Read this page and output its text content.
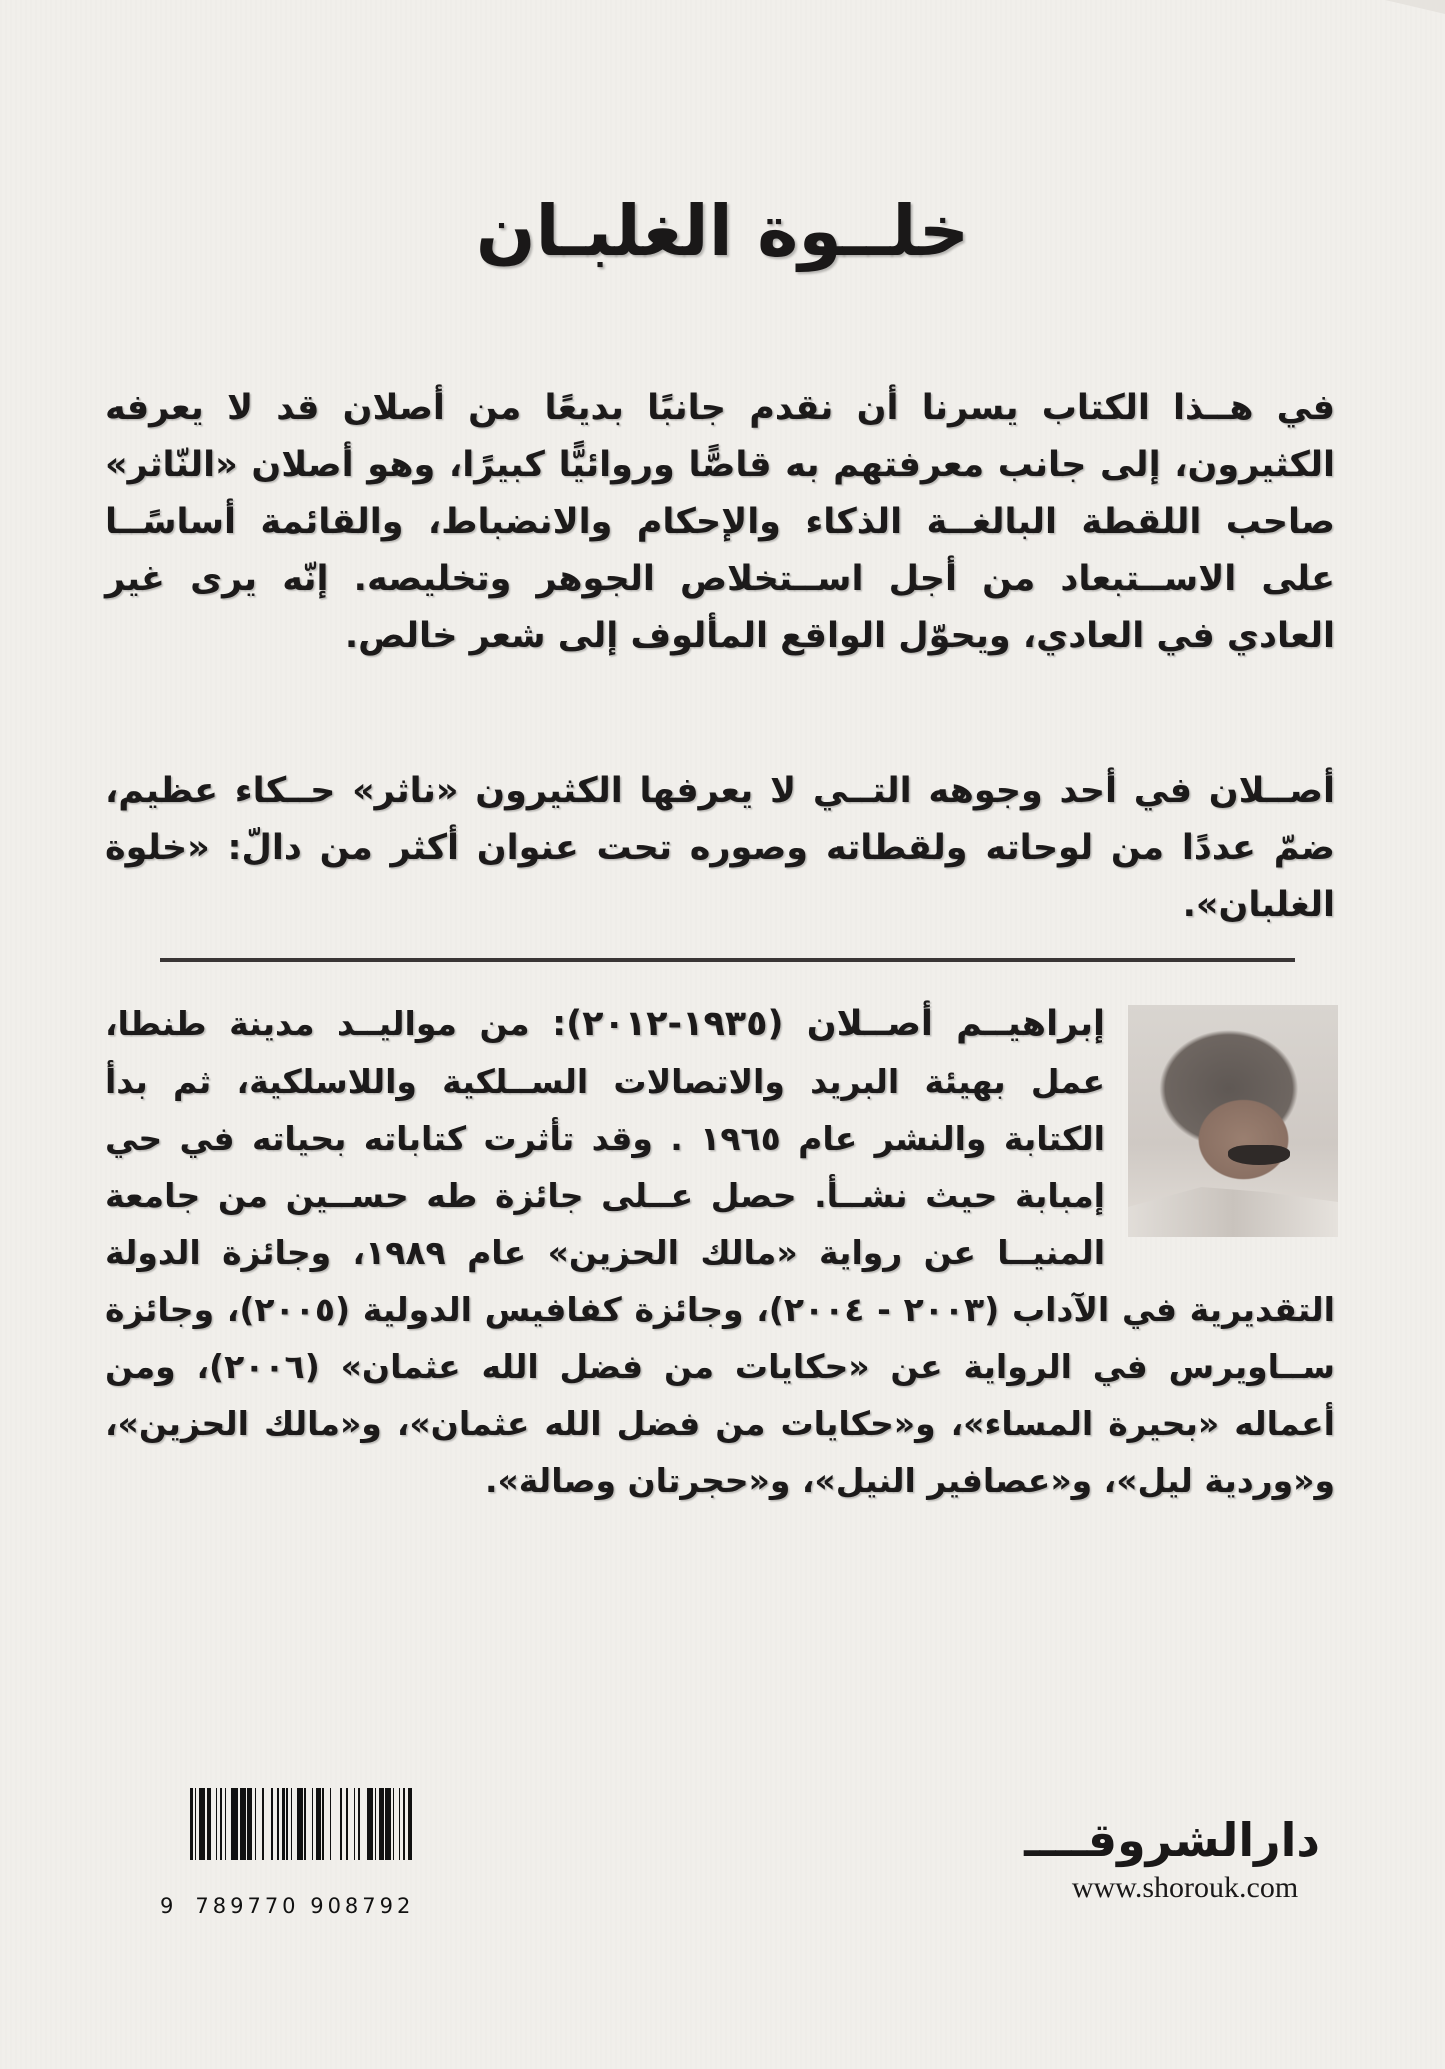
خلــوة الغلبـان
في هــذا الكتاب يسرنا أن نقدم جانبًا بديعًا من أصلان قد لا يعرفه الكثيرون، إلى جانب معرفتهم به قاصًّا وروائيًّا كبيرًا، وهو أصلان «النّاثر» صاحب اللقطة البالغــة الذكاء والإحكام والانضباط، والقائمة أساسًــا على الاســتبعاد من أجل اســتخلاص الجوهر وتخليصه. إنّه يرى غير العادي في العادي، ويحوّل الواقع المألوف إلى شعر خالص.
أصــلان في أحد وجوهه التــي لا يعرفها الكثيرون «ناثر» حــكاء عظيم، ضمّ عددًا من لوحاته ولقطاته وصوره تحت عنوان أكثر من دالّ: «خلوة الغلبان».
إبراهيــم أصــلان (١٩٣٥-٢٠١٢): من مواليــد مدينة طنطا، عمل بهيئة البريد والاتصالات الســلكية واللاسلكية، ثم بدأ الكتابة والنشر عام ١٩٦٥ . وقد تأثرت كتاباته بحياته في حي إمبابة حيث نشــأ. حصل عــلى جائزة طه حســين من جامعة المنيــا عن رواية «مالك الحزين» عام ١٩٨٩، وجائزة الدولة التقديرية في الآداب (٢٠٠٣ - ٢٠٠٤)، وجائزة كفافيس الدولية (٢٠٠٥)، وجائزة ســاويرس في الرواية عن «حكايات من فضل الله عثمان» (٢٠٠٦)، ومن أعماله «بحيرة المساء»، و«حكايات من فضل الله عثمان»، و«مالك الحزين»، و«وردية ليل»، و«عصافير النيل»، و«حجرتان وصالة».
9 789770 908792
دارالشروقــــ
www.shorouk.com
